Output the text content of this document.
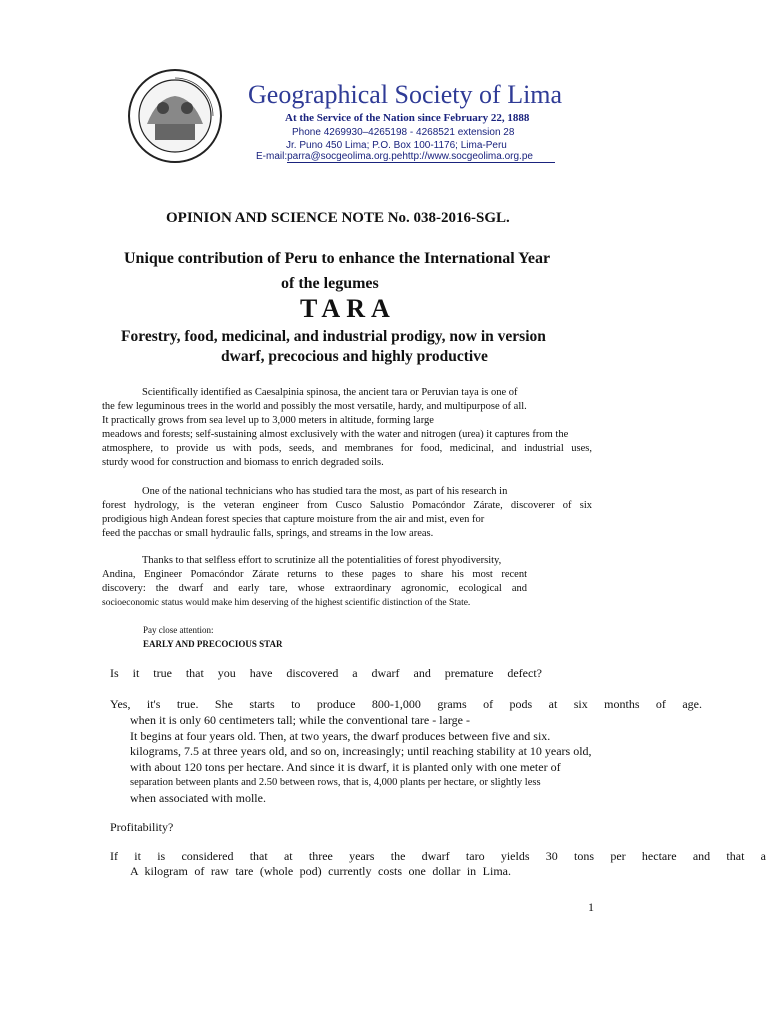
Geographical Society of Lima
At the Service of the Nation since February 22, 1888
Phone 4269930–4265198 - 4268521 extension 28
Jr. Puno 450 Lima; P.O. Box 100-1176; Lima-Peru
E-mail:parra@socgeolima.org.pehttp://www.socgeolima.org.pe
OPINION AND SCIENCE NOTE No. 038-2016-SGL.
Unique contribution of Peru to enhance the International Year
of the legumes
TARA
Forestry, food, medicinal, and industrial prodigy, now in version
dwarf, precocious and highly productive
Scientifically identified as Caesalpinia spinosa, the ancient tara or Peruvian taya is one of
the few leguminous trees in the world and possibly the most versatile, hardy, and multipurpose of all.
It practically grows from sea level up to 3,000 meters in altitude, forming large
meadows and forests; self-sustaining almost exclusively with the water and nitrogen (urea) it captures from the
atmosphere, to provide us with pods, seeds, and membranes for food, medicinal, and industrial uses,
sturdy wood for construction and biomass to enrich degraded soils.
One of the national technicians who has studied tara the most, as part of his research in
forest hydrology, is the veteran engineer from Cusco Salustio Pomacóndor Zárate, discoverer of six
prodigious high Andean forest species that capture moisture from the air and mist, even for
feed the pacchas or small hydraulic falls, springs, and streams in the low areas.
Thanks to that selfless effort to scrutinize all the potentialities of forest phyodiversity,
Andina, Engineer Pomacóndor Zárate returns to these pages to share his most recent
discovery: the dwarf and early tare, whose extraordinary agronomic, ecological and
socioeconomic status would make him deserving of the highest scientific distinction of the State.
Pay close attention:
EARLY AND PRECOCIOUS STAR
Is it true that you have discovered a dwarf and premature defect?
Yes, it's true. She starts to produce 800-1,000 grams of pods at six months of age.
when it is only 60 centimeters tall; while the conventional tare - large -
It begins at four years old. Then, at two years, the dwarf produces between five and six.
kilograms, 7.5 at three years old, and so on, increasingly; until reaching stability at 10 years old,
with about 120 tons per hectare. And since it is dwarf, it is planted only with one meter of
separation between plants and 2.50 between rows, that is, 4,000 plants per hectare, or slightly less
when associated with molle.
Profitability?
If it is considered that at three years the dwarf taro yields 30 tons per hectare and that a
A kilogram of raw tare (whole pod) currently costs one dollar in Lima.
1
